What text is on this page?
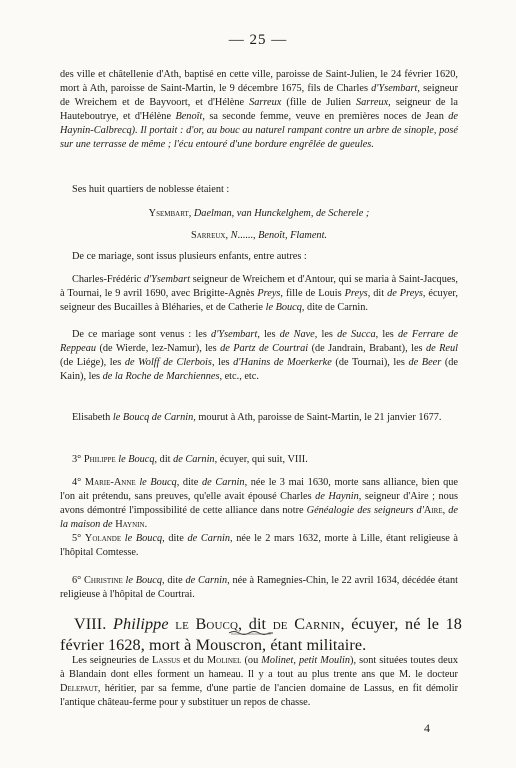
— 25 —

des ville et châtellenie d'Ath, baptisé en cette ville, paroisse de Saint-Julien, le 24 février 1620, mort à Ath, paroisse de Saint-Martin, le 9 décembre 1675, fils de Charles d'Ysembart, seigneur de Wreichem et de Bayvoort, et d'Hélène Sarreux (fille de Julien Sarreux, seigneur de la Hauteboutrye, et d'Hélène Benoît, sa seconde femme, veuve en premières noces de Jean de Haynin-Calbrecq). Il portait : d'or, au bouc au naturel rampant contre un arbre de sinople, posé sur une terrasse de même ; l'écu entouré d'une bordure engrêlée de gueules.

Ses huit quartiers de noblesse étaient :

Ysembart, Daelman, van Hunckelghem, de Scherele ;

Sarreux, N......, Benoît, Flament.

De ce mariage, sont issus plusieurs enfants, entre autres :

Charles-Frédéric d'Ysembart seigneur de Wreichem et d'Antour, qui se maria à Saint-Jacques, à Tournai, le 9 avril 1690, avec Brigitte-Agnès Preys, fille de Louis Preys, dit de Preys, écuyer, seigneur des Bucailles à Bléharies, et de Catherie le Boucq, dite de Carnin.

De ce mariage sont venus : les d'Ysembart, les de Nave, les de Succa, les de Ferrare de Reppeau (de Wierde, lez-Namur), les de Partz de Courtrai (de Jandrain, Brabant), les de Reul (de Liége), les de Wolff de Clerbois, les d'Hanins de Moerkerke (de Tournai), les de Beer (de Kain), les de la Roche de Marchiennes, etc., etc.

Elisabeth le Boucq de Carnin, mourut à Ath, paroisse de Saint-Martin, le 21 janvier 1677.

3° Philippe le Boucq, dit de Carnin, écuyer, qui suit, VIII.

4° Marie-Anne le Boucq, dite de Carnin, née le 3 mai 1630, morte sans alliance, bien que l'on ait prétendu, sans preuves, qu'elle avait épousé Charles de Haynin, seigneur d'Aire ; nous avons démontré l'impossibilité de cette alliance dans notre Généalogie des seigneurs d'Aire, de la maison de Haynin.

5° Yolande le Boucq, dite de Carnin, née le 2 mars 1632, morte à Lille, étant religieuse à l'hôpital Comtesse.

6° Christine le Boucq, dite de Carnin, née à Ramegnies-Chin, le 22 avril 1634, décédée étant religieuse à l'hôpital de Courtrai.

VIII. Philippe le Boucq, dit de Carnin, écuyer, né le 18 février 1628, mort à Mouscron, étant militaire.

Les seigneuries de Lassus et du Molinel (ou Molinet, petit Moulin), sont situées toutes deux à Blandain dont elles forment un hameau. Il y a tout au plus trente ans que M. le docteur Delepaut, héritier, par sa femme, d'une partie de l'ancien domaine de Lassus, en fit démolir l'antique château-ferme pour y substituer un repos de chasse.

4
